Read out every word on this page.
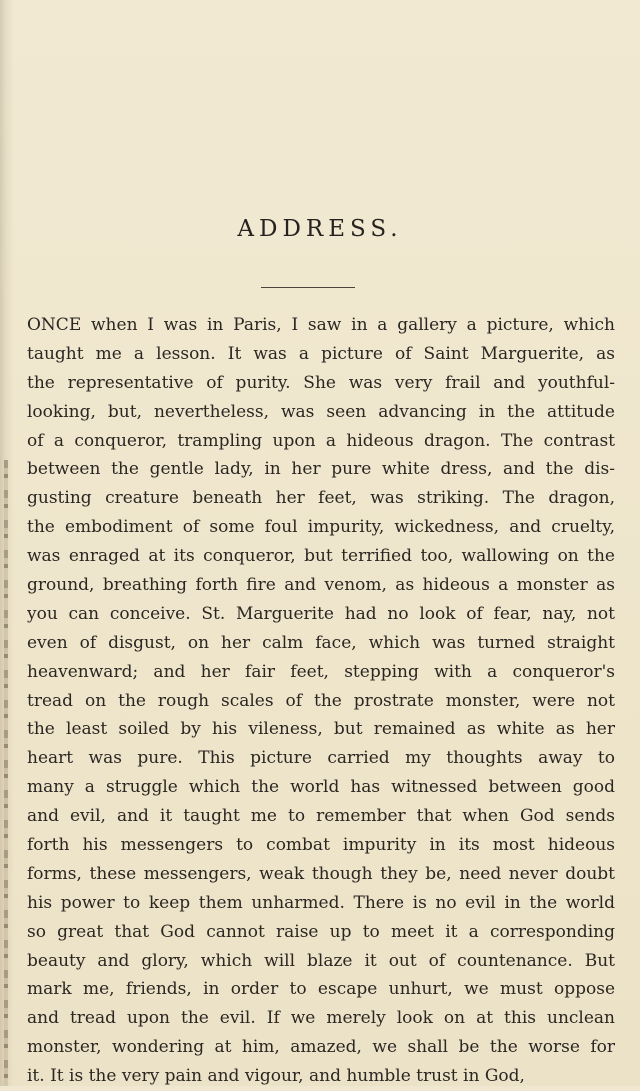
ADDRESS.
ONCE when I was in Paris, I saw in a gallery a picture, which
taught me a lesson. It was a picture of Saint Marguerite, as
the representative of purity. She was very frail and youthful-
looking, but, nevertheless, was seen advancing in the attitude
of a conqueror, trampling upon a hideous dragon. The contrast
between the gentle lady, in her pure white dress, and the dis-
gusting creature beneath her feet, was striking. The dragon,
the embodiment of some foul impurity, wickedness, and cruelty,
was enraged at its conqueror, but terrified too, wallowing on the
ground, breathing forth fire and venom, as hideous a monster as
you can conceive. St. Marguerite had no look of fear, nay, not
even of disgust, on her calm face, which was turned straight
heavenward; and her fair feet, stepping with a conqueror's
tread on the rough scales of the prostrate monster, were not
the least soiled by his vileness, but remained as white as her
heart was pure. This picture carried my thoughts away to
many a struggle which the world has witnessed between good
and evil, and it taught me to remember that when God sends
forth his messengers to combat impurity in its most hideous
forms, these messengers, weak though they be, need never doubt
his power to keep them unharmed. There is no evil in the world
so great that God cannot raise up to meet it a corresponding
beauty and glory, which will blaze it out of countenance. But
mark me, friends, in order to escape unhurt, we must oppose
and tread upon the evil. If we merely look on at this unclean
monster, wondering at him, amazed, we shall be the worse for
it. It is the very pain and vigour, and humble trust in God,
